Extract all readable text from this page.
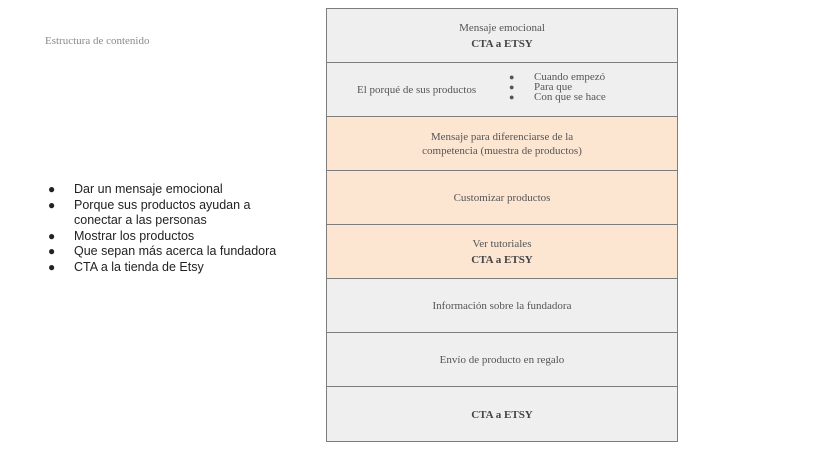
Estructura de contenido
● Dar un mensaje emocional
● Porque sus productos ayudan a conectar a las personas
● Mostrar los productos
● Que sepan más acerca la fundadora
● CTA a la tienda de Etsy
Mensaje emocional
CTA a ETSY
El porqué de sus productos
● Cuando empezó
● Para que
● Con que se hace
Mensaje para diferenciarse de la competencia (muestra de productos)
Customizar productos
Ver tutoriales
CTA a ETSY
Información sobre la fundadora
Envío de producto en regalo
CTA a ETSY
